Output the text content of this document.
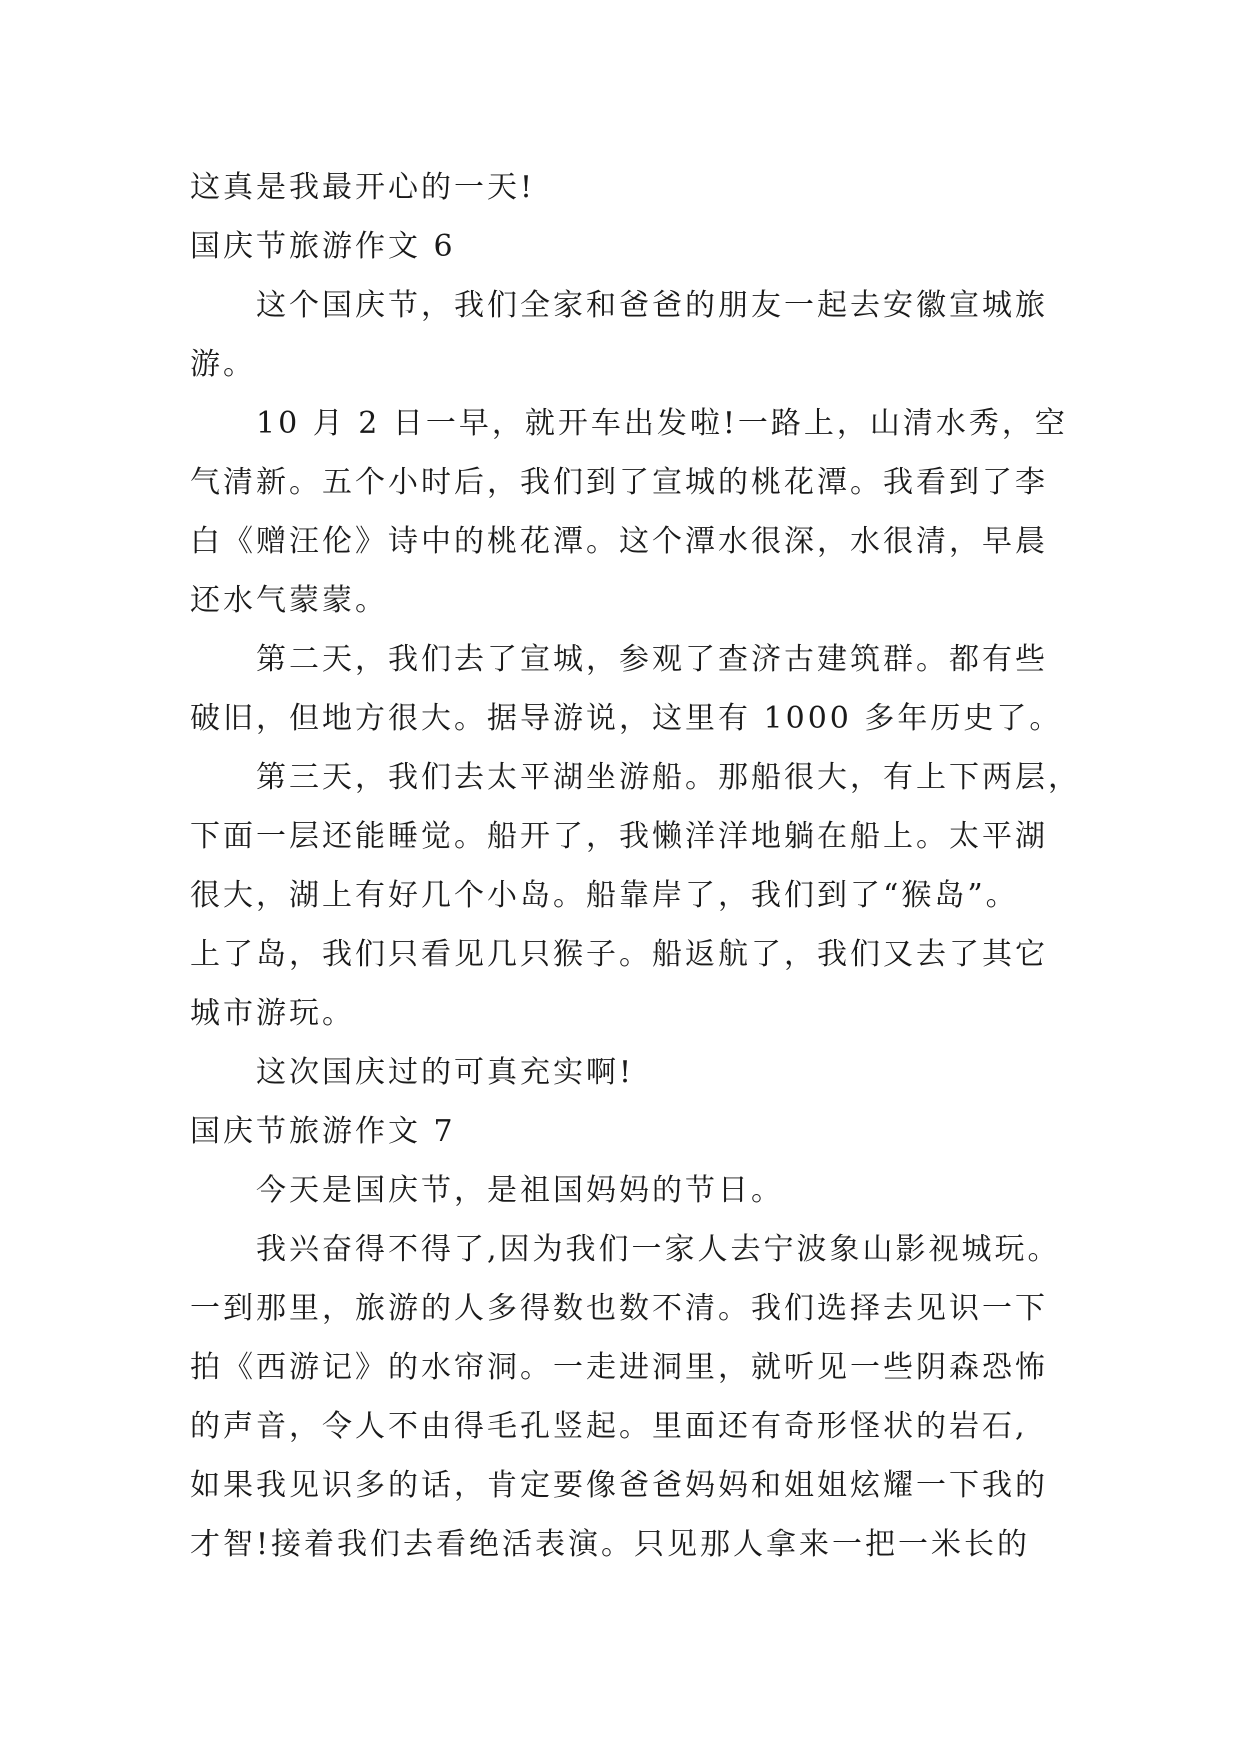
这真是我最开心的一天!
国庆节旅游作文 6
这个国庆节，我们全家和爸爸的朋友一起去安徽宣城旅
游。
10 月 2 日一早，就开车出发啦!一路上，山清水秀，空
气清新。五个小时后，我们到了宣城的桃花潭。我看到了李
白《赠汪伦》诗中的桃花潭。这个潭水很深，水很清，早晨
还水气蒙蒙。
第二天，我们去了宣城，参观了查济古建筑群。都有些
破旧，但地方很大。据导游说，这里有 1000 多年历史了。
第三天，我们去太平湖坐游船。那船很大，有上下两层，
下面一层还能睡觉。船开了，我懒洋洋地躺在船上。太平湖
很大，湖上有好几个小岛。船靠岸了，我们到了“猴岛”。
上了岛，我们只看见几只猴子。船返航了，我们又去了其它
城市游玩。
这次国庆过的可真充实啊!
国庆节旅游作文 7
今天是国庆节，是祖国妈妈的节日。
我兴奋得不得了,因为我们一家人去宁波象山影视城玩。
一到那里，旅游的人多得数也数不清。我们选择去见识一下
拍《西游记》的水帘洞。一走进洞里，就听见一些阴森恐怖
的声音，令人不由得毛孔竖起。里面还有奇形怪状的岩石,
如果我见识多的话，肯定要像爸爸妈妈和姐姐炫耀一下我的
才智!接着我们去看绝活表演。只见那人拿来一把一米长的
